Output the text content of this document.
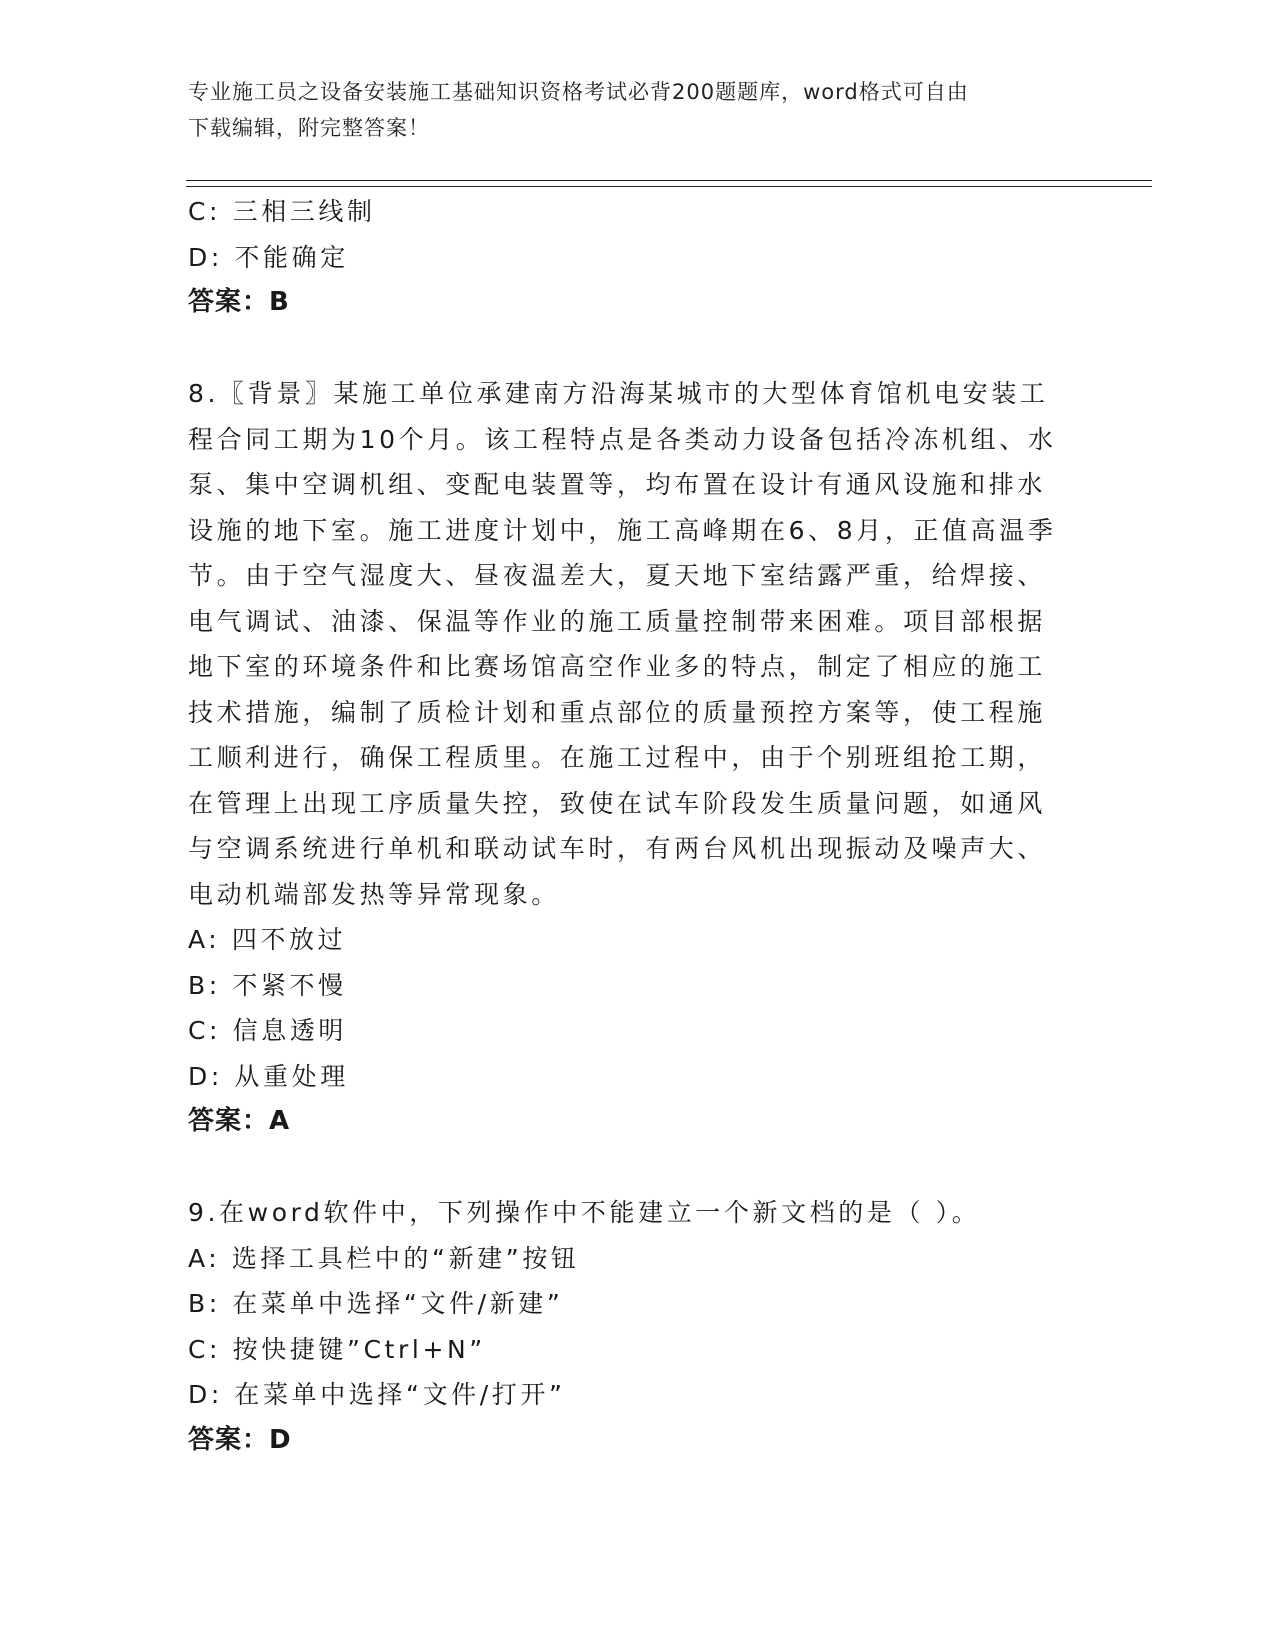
专业施工员之设备安装施工基础知识资格考试必背200题题库，word格式可自由
下载编辑，附完整答案！
C: 三相三线制
D: 不能确定
答案：B
8.〖背景〗某施工单位承建南方沿海某城市的大型体育馆机电安装工
程合同工期为10个月。该工程特点是各类动力设备包括冷冻机组、水
泵、集中空调机组、变配电装置等，均布置在设计有通风设施和排水
设施的地下室。施工进度计划中，施工高峰期在6、8月，正值高温季
节。由于空气湿度大、昼夜温差大，夏天地下室结露严重，给焊接、
电气调试、油漆、保温等作业的施工质量控制带来困难。项目部根据
地下室的环境条件和比赛场馆高空作业多的特点，制定了相应的施工
技术措施，编制了质检计划和重点部位的质量预控方案等，使工程施
工顺利进行，确保工程质里。在施工过程中，由于个别班组抢工期，
在管理上出现工序质量失控，致使在试车阶段发生质量问题，如通风
与空调系统进行单机和联动试车时，有两台风机出现振动及噪声大、
电动机端部发热等异常现象。
A: 四不放过
B: 不紧不慢
C: 信息透明
D: 从重处理
答案：A
9.在word软件中，下列操作中不能建立一个新文档的是（ ）。
A: 选择工具栏中的“新建”按钮
B: 在菜单中选择“文件/新建”
C: 按快捷键”Ctrl+N”
D: 在菜单中选择“文件/打开”
答案：D
